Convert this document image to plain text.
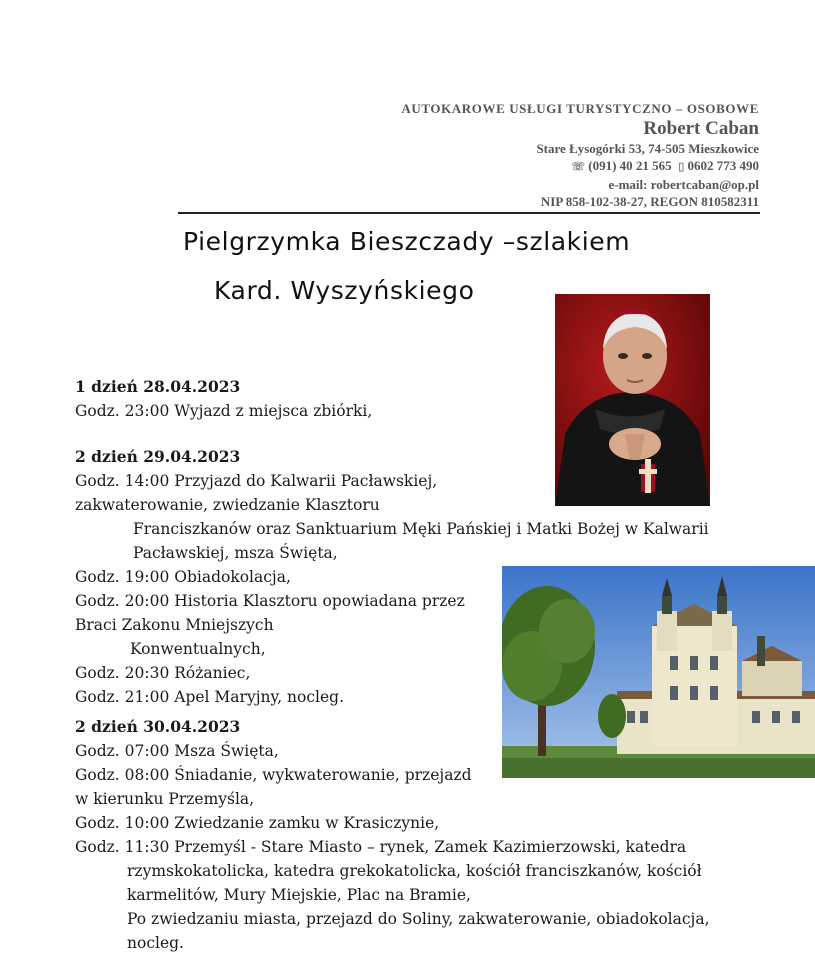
AUTOKAROWE USŁUGI TURYSTYCZNO – OSOBOWE
Robert Caban
Stare Łysogórki 53, 74-505 Mieszkowice
☏ (091) 40 21 565 ▯ 0602 773 490
e-mail: robertcaban@op.pl
NIP 858-102-38-27, REGON 810582311
Pielgrzymka Bieszczady –szlakiem
Kard. Wyszyńskiego
1 dzień 28.04.2023
Godz. 23:00 Wyjazd z miejsca zbiórki,
2 dzień 29.04.2023
Godz. 14:00 Przyjazd do Kalwarii Pacławskiej,
zakwaterowanie, zwiedzanie Klasztoru
Franciszkanów oraz Sanktuarium Męki Pańskiej i Matki Bożej w Kalwarii
Pacławskiej, msza Święta,
Godz. 19:00 Obiadokolacja,
Godz. 20:00 Historia Klasztoru opowiadana przez
Braci Zakonu Mniejszych
Konwentualnych,
Godz. 20:30 Różaniec,
Godz. 21:00 Apel Maryjny, nocleg.
2 dzień 30.04.2023
Godz. 07:00 Msza Święta,
Godz. 08:00 Śniadanie, wykwaterowanie, przejazd
w kierunku Przemyśla,
Godz. 10:00 Zwiedzanie zamku w Krasiczynie,
Godz. 11:30 Przemyśl - Stare Miasto – rynek, Zamek Kazimierzowski, katedra
rzymskokatolicka, katedra grekokatolicka, kościół franciszkanów, kościół
karmelitów, Mury Miejskie, Plac na Bramie,
Po zwiedzaniu miasta, przejazd do Soliny, zakwaterowanie, obiadokolacja,
nocleg.
